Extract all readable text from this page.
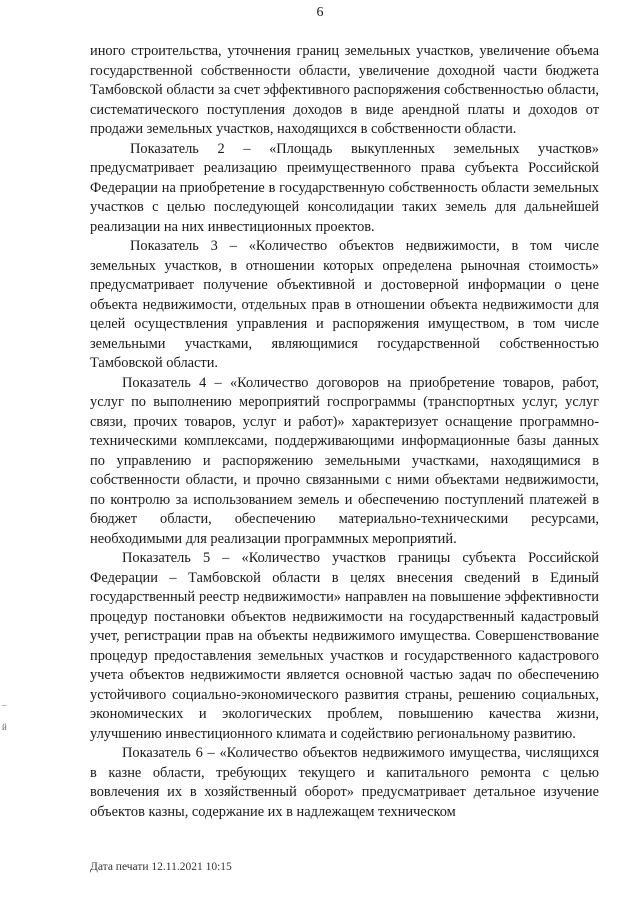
6

иного строительства, уточнения границ земельных участков, увеличение объема государственной собственности области, увеличение доходной части бюджета Тамбовской области за счет эффективного распоряжения собственностью области, систематического поступления доходов в виде арендной платы и доходов от продажи земельных участков, находящихся в собственности области.

Показатель 2 – «Площадь выкупленных земельных участков» предусматривает реализацию преимущественного права субъекта Российской Федерации на приобретение в государственную собственность области земельных участков с целью последующей консолидации таких земель для дальнейшей реализации на них инвестиционных проектов.

Показатель 3 – «Количество объектов недвижимости, в том числе земельных участков, в отношении которых определена рыночная стоимость» предусматривает получение объективной и достоверной информации о цене объекта недвижимости, отдельных прав в отношении объекта недвижимости для целей осуществления управления и распоряжения имуществом, в том числе земельными участками, являющимися государственной собственностью Тамбовской области.

Показатель 4 – «Количество договоров на приобретение товаров, работ, услуг по выполнению мероприятий госпрограммы (транспортных услуг, услуг связи, прочих товаров, услуг и работ)» характеризует оснащение программно-техническими комплексами, поддерживающими информационные базы данных по управлению и распоряжению земельными участками, находящимися в собственности области, и прочно связанными с ними объектами недвижимости, по контролю за использованием земель и обеспечению поступлений платежей в бюджет области, обеспечению материально-техническими ресурсами, необходимыми для реализации программных мероприятий.

Показатель 5 – «Количество участков границы субъекта Российской Федерации – Тамбовской области в целях внесения сведений в Единый государственный реестр недвижимости» направлен на повышение эффективности процедур постановки объектов недвижимости на государственный кадастровый учет, регистрации прав на объекты недвижимого имущества. Совершенствование процедур предоставления земельных участков и государственного кадастрового учета объектов недвижимости является основной частью задач по обеспечению устойчивого социально-экономического развития страны, решению социальных, экономических и экологических проблем, повышению качества жизни, улучшению инвестиционного климата и содействию региональному развитию.

Показатель 6 – «Количество объектов недвижимого имущества, числящихся в казне области, требующих текущего и капитального ремонта с целью вовлечения их в хозяйственный оборот» предусматривает детальное изучение объектов казны, содержание их в надлежащем техническом

–
й
Дата печати 12.11.2021 10:15
